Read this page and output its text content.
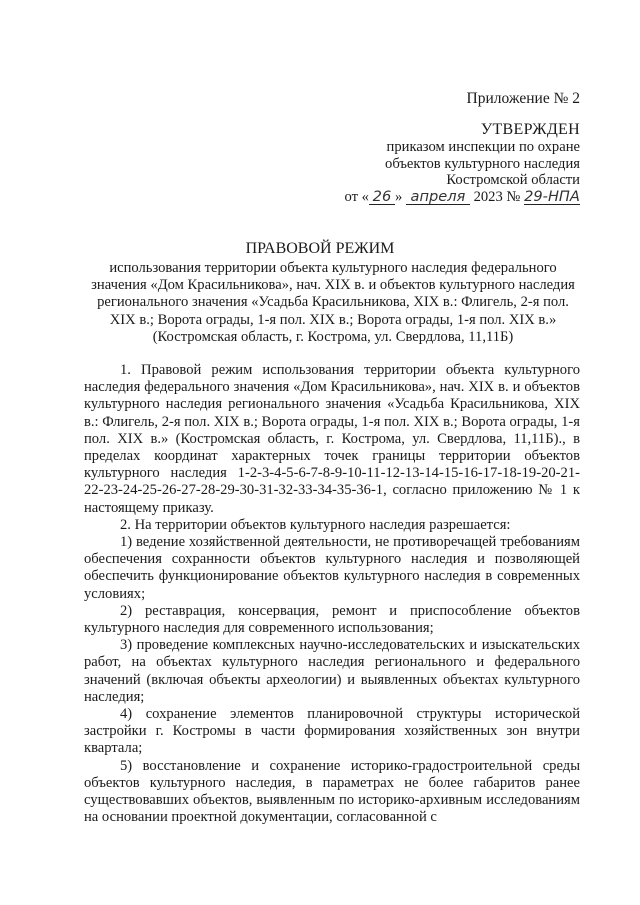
Приложение № 2
УТВЕРЖДЕН
приказом инспекции по охране
объектов культурного наследия
Костромской области
от « 26 » апреля 2023 № 29-НПА
ПРАВОВОЙ РЕЖИМ
использования территории объекта культурного наследия федерального значения «Дом Красильникова», нач. XIX в. и объектов культурного наследия регионального значения «Усадьба Красильникова, XIX в.: Флигель, 2-я пол. XIX в.; Ворота ограды, 1-я пол. XIX в.; Ворота ограды, 1-я пол. XIX в.» (Костромская область, г. Кострома, ул. Свердлова, 11,11Б)

1. Правовой режим использования территории объекта культурного наследия федерального значения «Дом Красильникова», нач. XIX в. и объектов культурного наследия регионального значения «Усадьба Красильникова, XIX в.: Флигель, 2-я пол. XIX в.; Ворота ограды, 1-я пол. XIX в.; Ворота ограды, 1-я пол. XIX в.» (Костромская область, г. Кострома, ул. Свердлова, 11,11Б)., в пределах координат характерных точек границы территории объектов культурного наследия 1-2-3-4-5-6-7-8-9-10-11-12-13-14-15-16-17-18-19-20-21-22-23-24-25-26-27-28-29-30-31-32-33-34-35-36-1, согласно приложению № 1 к настоящему приказу.

2. На территории объектов культурного наследия разрешается:

1) ведение хозяйственной деятельности, не противоречащей требованиям обеспечения сохранности объектов культурного наследия и позволяющей обеспечить функционирование объектов культурного наследия в современных условиях;

2) реставрация, консервация, ремонт и приспособление объектов культурного наследия для современного использования;

3) проведение комплексных научно-исследовательских и изыскательских работ, на объектах культурного наследия регионального и федерального значений (включая объекты археологии) и выявленных объектах культурного наследия;

4) сохранение элементов планировочной структуры исторической застройки г. Костромы в части формирования хозяйственных зон внутри квартала;

5) восстановление и сохранение историко-градостроительной среды объектов культурного наследия, в параметрах не более габаритов ранее существовавших объектов, выявленным по историко-архивным исследованиям на основании проектной документации, согласованной с
